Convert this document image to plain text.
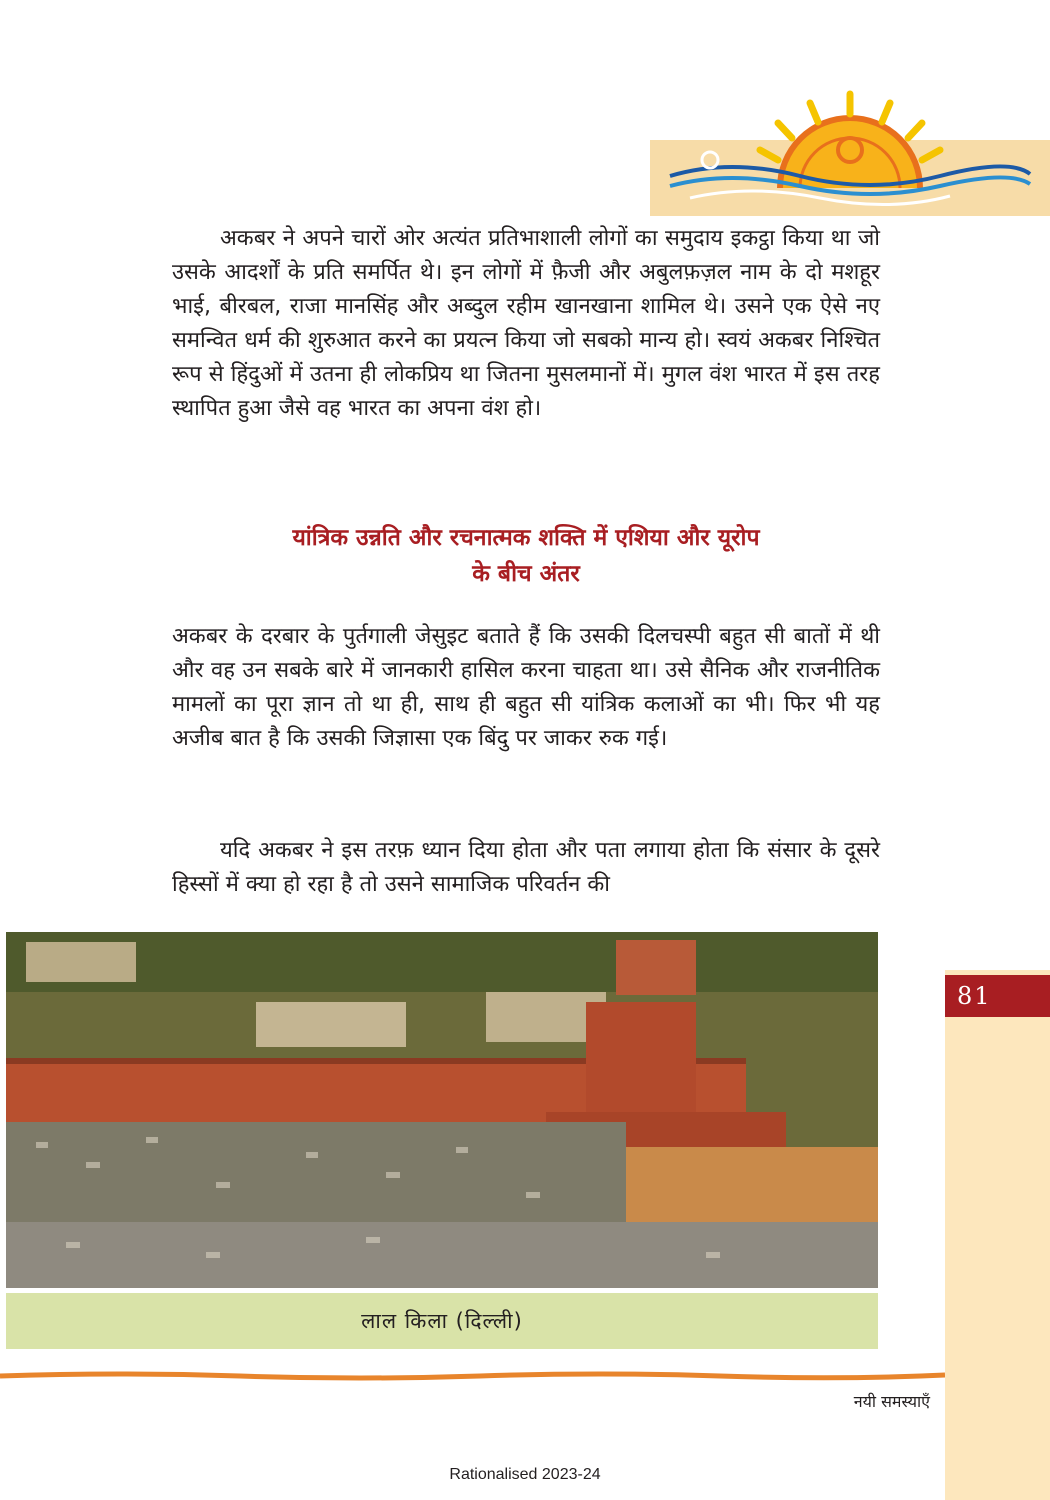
81
अकबर ने अपने चारों ओर अत्यंत प्रतिभाशाली लोगों का समुदाय इकट्ठा किया था जो उसके आदर्शों के प्रति समर्पित थे। इन लोगों में फ़ैजी और अबुलफ़ज़ल नाम के दो मशहूर भाई, बीरबल, राजा मानसिंह और अब्दुल रहीम खानखाना शामिल थे। उसने एक ऐसे नए समन्वित धर्म की शुरुआत करने का प्रयत्न किया जो सबको मान्य हो। स्वयं अकबर निश्चित रूप से हिंदुओं में उतना ही लोकप्रिय था जितना मुसलमानों में। मुगल वंश भारत में इस तरह स्थापित हुआ जैसे वह भारत का अपना वंश हो।
यांत्रिक उन्नति और रचनात्मक शक्ति में एशिया और यूरोप
के बीच अंतर
अकबर के दरबार के पुर्तगाली जेसुइट बताते हैं कि उसकी दिलचस्पी बहुत सी बातों में थी और वह उन सबके बारे में जानकारी हासिल करना चाहता था। उसे सैनिक और राजनीतिक मामलों का पूरा ज्ञान तो था ही, साथ ही बहुत सी यांत्रिक कलाओं का भी। फिर भी यह अजीब बात है कि उसकी जिज्ञासा एक बिंदु पर जाकर रुक गई।
यदि अकबर ने इस तरफ़ ध्यान दिया होता और पता लगाया होता कि संसार के दूसरे हिस्सों में क्या हो रहा है तो उसने सामाजिक परिवर्तन की
लाल किला (दिल्ली)
नयी समस्याएँ
Rationalised 2023-24
